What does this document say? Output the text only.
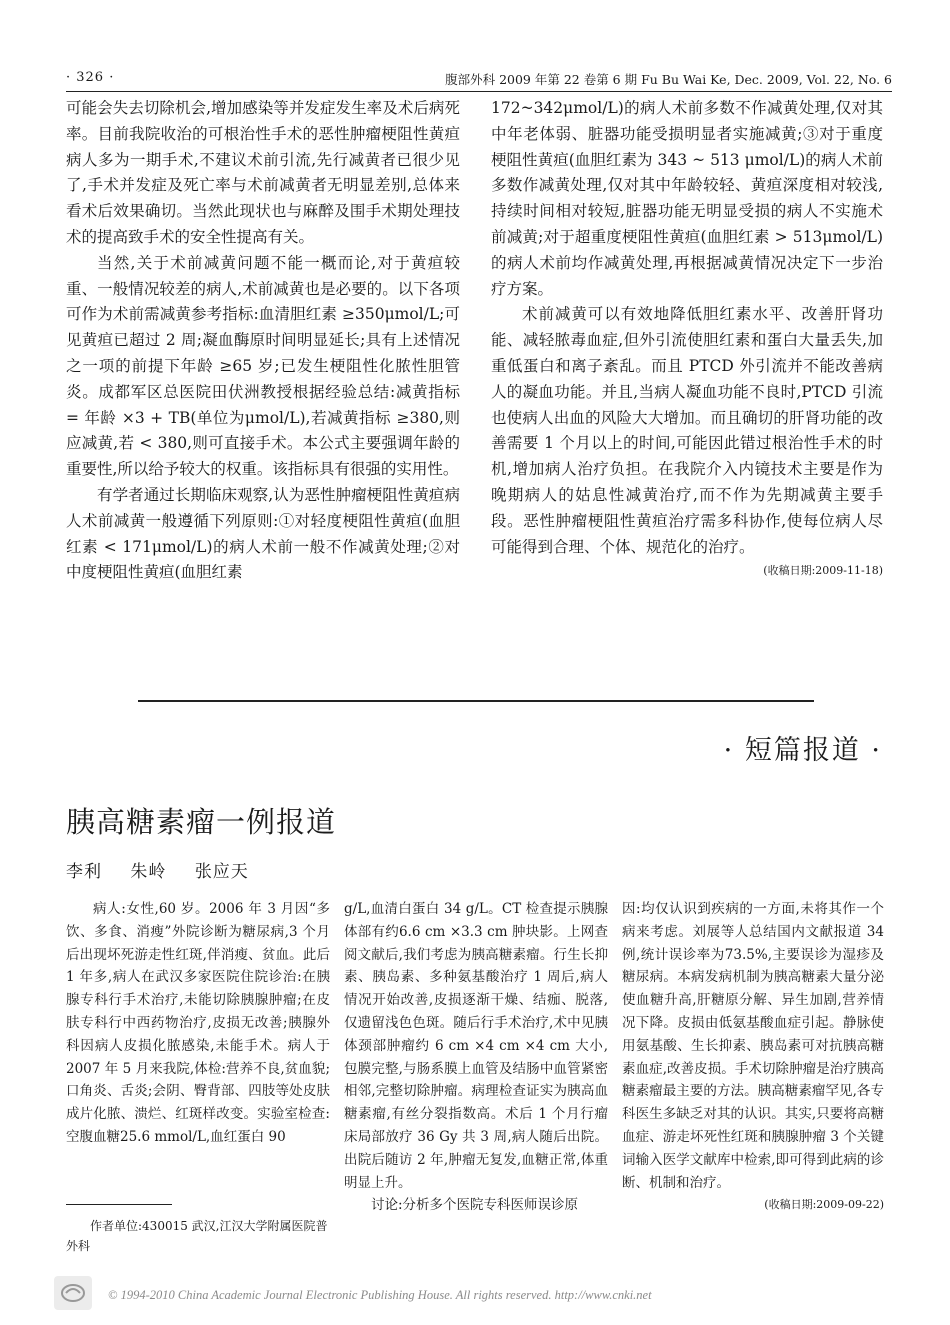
· 326 ·	腹部外科 2009 年第 22 卷第 6 期 Fu Bu Wai Ke, Dec. 2009, Vol. 22, No. 6

可能会失去切除机会,增加感染等并发症发生率及术后病死率。目前我院收治的可根治性手术的恶性肿瘤梗阻性黄疸病人多为一期手术,不建议术前引流,先行减黄者已很少见了,手术并发症及死亡率与术前减黄者无明显差别,总体来看术后效果确切。当然此现状也与麻醉及围手术期处理技术的提高致手术的安全性提高有关。

当然,关于术前减黄问题不能一概而论,对于黄疸较重、一般情况较差的病人,术前减黄也是必要的。以下各项可作为术前需减黄参考指标:血清胆红素 ≥350μmol/L;可见黄疸已超过 2 周;凝血酶原时间明显延长;具有上述情况之一项的前提下年龄 ≥65 岁;已发生梗阻性化脓性胆管炎。成都军区总医院田伏洲教授根据经验总结:减黄指标 = 年龄 ×3 + TB(单位为μmol/L),若减黄指标 ≥380,则应减黄,若 < 380,则可直接手术。本公式主要强调年龄的重要性,所以给予较大的权重。该指标具有很强的实用性。

有学者通过长期临床观察,认为恶性肿瘤梗阻性黄疸病人术前减黄一般遵循下列原则:①对轻度梗阻性黄疸(血胆红素 < 171μmol/L)的病人术前一般不作减黄处理;②对中度梗阻性黄疸(血胆红素

172~342μmol/L)的病人术前多数不作减黄处理,仅对其中年老体弱、脏器功能受损明显者实施减黄;③对于重度梗阻性黄疸(血胆红素为 343 ~ 513 μmol/L)的病人术前多数作减黄处理,仅对其中年龄较轻、黄疸深度相对较浅,持续时间相对较短,脏器功能无明显受损的病人不实施术前减黄;对于超重度梗阻性黄疸(血胆红素 > 513μmol/L)的病人术前均作减黄处理,再根据减黄情况决定下一步治疗方案。

术前减黄可以有效地降低胆红素水平、改善肝肾功能、减轻脓毒血症,但外引流使胆红素和蛋白大量丢失,加重低蛋白和离子紊乱。而且 PTCD 外引流并不能改善病人的凝血功能。并且,当病人凝血功能不良时,PTCD 引流也使病人出血的风险大大增加。而且确切的肝肾功能的改善需要 1 个月以上的时间,可能因此错过根治性手术的时机,增加病人治疗负担。在我院介入内镜技术主要是作为晚期病人的姑息性减黄治疗,而不作为先期减黄主要手段。恶性肿瘤梗阻性黄疸治疗需多科协作,使每位病人尽可能得到合理、个体、规范化的治疗。

(收稿日期:2009-11-18)
· 短篇报道 ·
胰高糖素瘤一例报道
李利 朱岭 张应天

病人:女性,60 岁。2006 年 3 月因“多饮、多食、消瘦”外院诊断为糖尿病,3 个月后出现坏死游走性红斑,伴消瘦、贫血。此后 1 年多,病人在武汉多家医院住院诊治:在胰腺专科行手术治疗,未能切除胰腺肿瘤;在皮肤专科行中西药物治疗,皮损无改善;胰腺外科因病人皮损化脓感染,未能手术。病人于 2007 年 5 月来我院,体检:营养不良,贫血貌;口角炎、舌炎;会阴、臀背部、四肢等处皮肤成片化脓、溃烂、红斑样改变。实验室检查:空腹血糖25.6 mmol/L,血红蛋白 90

g/L,血清白蛋白 34 g/L。CT 检查提示胰腺体部有约6.6 cm ×3.3 cm 肿块影。上网查阅文献后,我们考虑为胰高糖素瘤。行生长抑素、胰岛素、多种氨基酸治疗 1 周后,病人情况开始改善,皮损逐渐干燥、结痂、脱落,仅遗留浅色色斑。随后行手术治疗,术中见胰体颈部肿瘤约 6 cm ×4 cm ×4 cm 大小,包膜完整,与肠系膜上血管及结肠中血管紧密相邻,完整切除肿瘤。病理检查证实为胰高血糖素瘤,有丝分裂指数高。术后 1 个月行瘤床局部放疗 36 Gy 共 3 周,病人随后出院。出院后随访 2 年,肿瘤无复发,血糖正常,体重明显上升。

讨论:分析多个医院专科医师误诊原

因:均仅认识到疾病的一方面,未将其作一个病来考虑。刘展等人总结国内文献报道 34 例,统计误诊率为73.5%,主要误诊为湿疹及糖尿病。本病发病机制为胰高糖素大量分泌使血糖升高,肝糖原分解、异生加剧,营养情况下降。皮损由低氨基酸血症引起。静脉使用氨基酸、生长抑素、胰岛素可对抗胰高糖素血症,改善皮损。手术切除肿瘤是治疗胰高糖素瘤最主要的方法。胰高糖素瘤罕见,各专科医生多缺乏对其的认识。其实,只要将高糖血症、游走坏死性红斑和胰腺肿瘤 3 个关键词输入医学文献库中检索,即可得到此病的诊断、机制和治疗。

(收稿日期:2009-09-22)
作者单位:430015 武汉,江汉大学附属医院普外科
© 1994-2010 China Academic Journal Electronic Publishing House. All rights reserved. http://www.cnki.net
